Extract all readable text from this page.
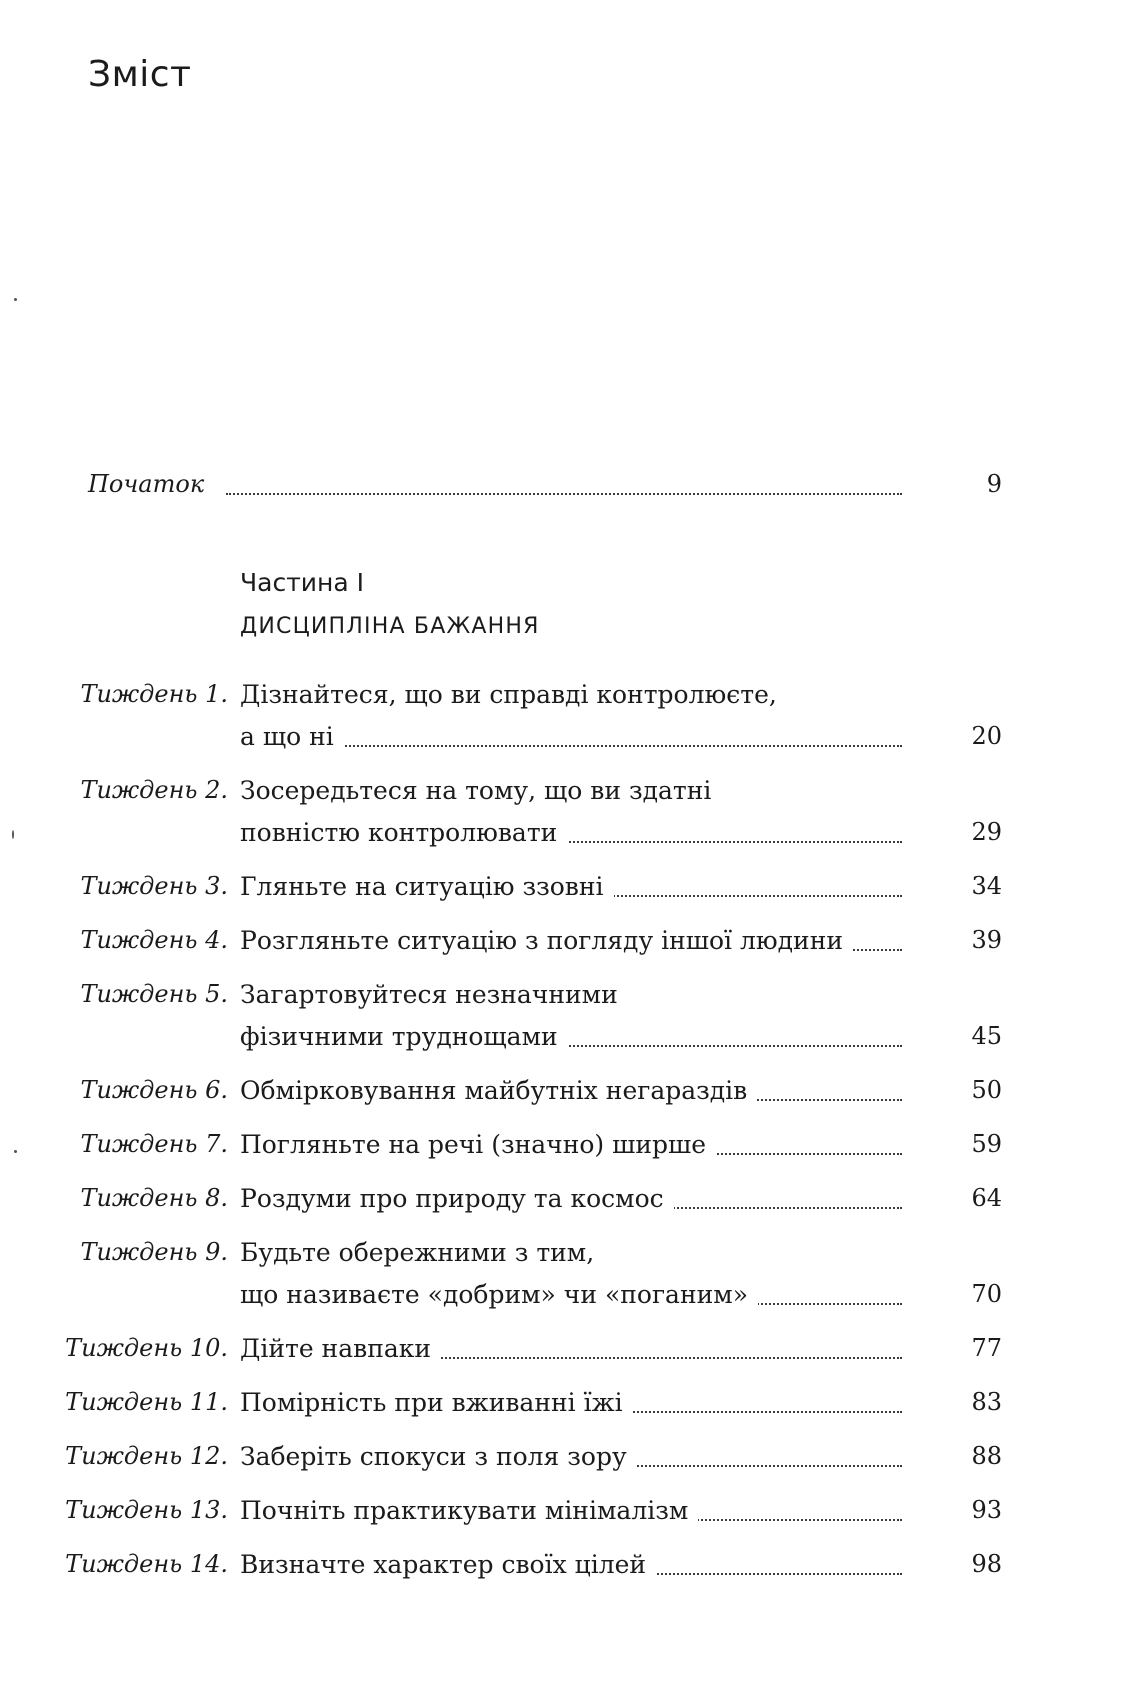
Зміст
Початок	9
Частина І
ДИСЦИПЛІНА БАЖАННЯ
Тиждень 1. Дізнайтеся, що ви справді контролюєте,
а що ні	20
Тиждень 2. Зосередьтеся на тому, що ви здатні
повністю контролювати	29
Тиждень 3. Гляньте на ситуацію ззовні	34
Тиждень 4. Розгляньте ситуацію з погляду іншої людини	39
Тиждень 5. Загартовуйтеся незначними
фізичними труднощами	45
Тиждень 6. Обмірковування майбутніх негараздів	50
Тиждень 7. Погляньте на речі (значно) ширше	59
Тиждень 8. Роздуми про природу та космос	64
Тиждень 9. Будьте обережними з тим,
що називаєте «добрим» чи «поганим»	70
Тиждень 10. Дійте навпаки	77
Тиждень 11. Помірність при вживанні їжі	83
Тиждень 12. Заберіть спокуси з поля зору	88
Тиждень 13. Почніть практикувати мінімалізм	93
Тиждень 14. Визначте характер своїх цілей	98
